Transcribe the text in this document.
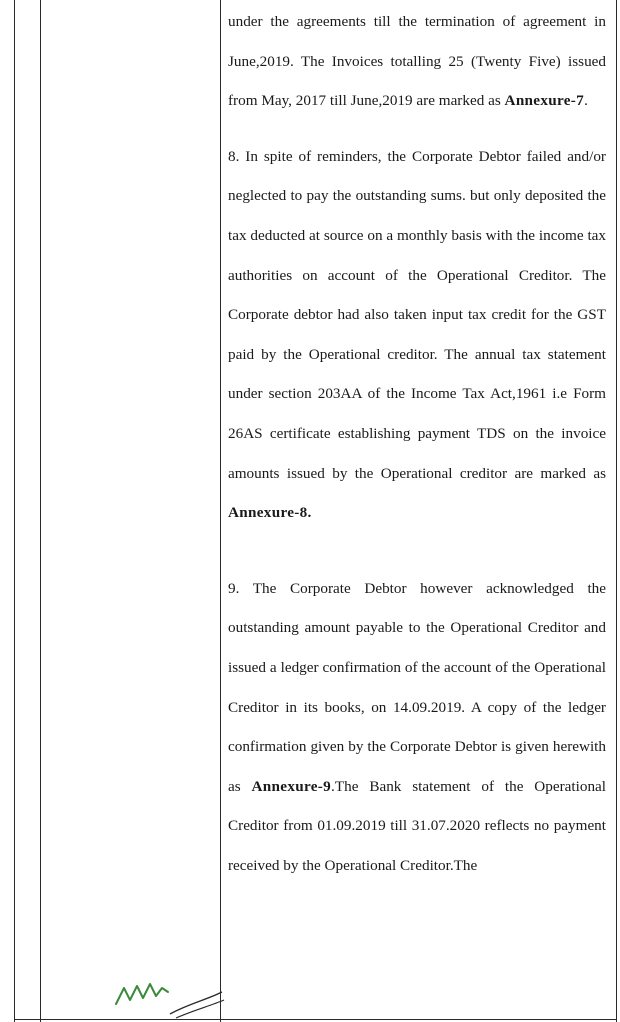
under the agreements till the termination of agreement in June,2019. The Invoices totalling 25 (Twenty Five) issued from May, 2017 till June,2019 are marked as Annexure-7.

8. In spite of reminders, the Corporate Debtor failed and/or neglected to pay the outstanding sums. but only deposited the tax deducted at source on a monthly basis with the income tax authorities on account of the Operational Creditor. The Corporate debtor had also taken input tax credit for the GST paid by the Operational creditor. The annual tax statement under section 203AA of the Income Tax Act,1961 i.e Form 26AS certificate establishing payment TDS on the invoice amounts issued by the Operational creditor are marked as Annexure-8.

9. The Corporate Debtor however acknowledged the outstanding amount payable to the Operational Creditor and issued a ledger confirmation of the account of the Operational Creditor in its books, on 14.09.2019. A copy of the ledger confirmation given by the Corporate Debtor is given herewith as Annexure-9.The Bank statement of the Operational Creditor from 01.09.2019 till 31.07.2020 reflects no payment received by the Operational Creditor.The
